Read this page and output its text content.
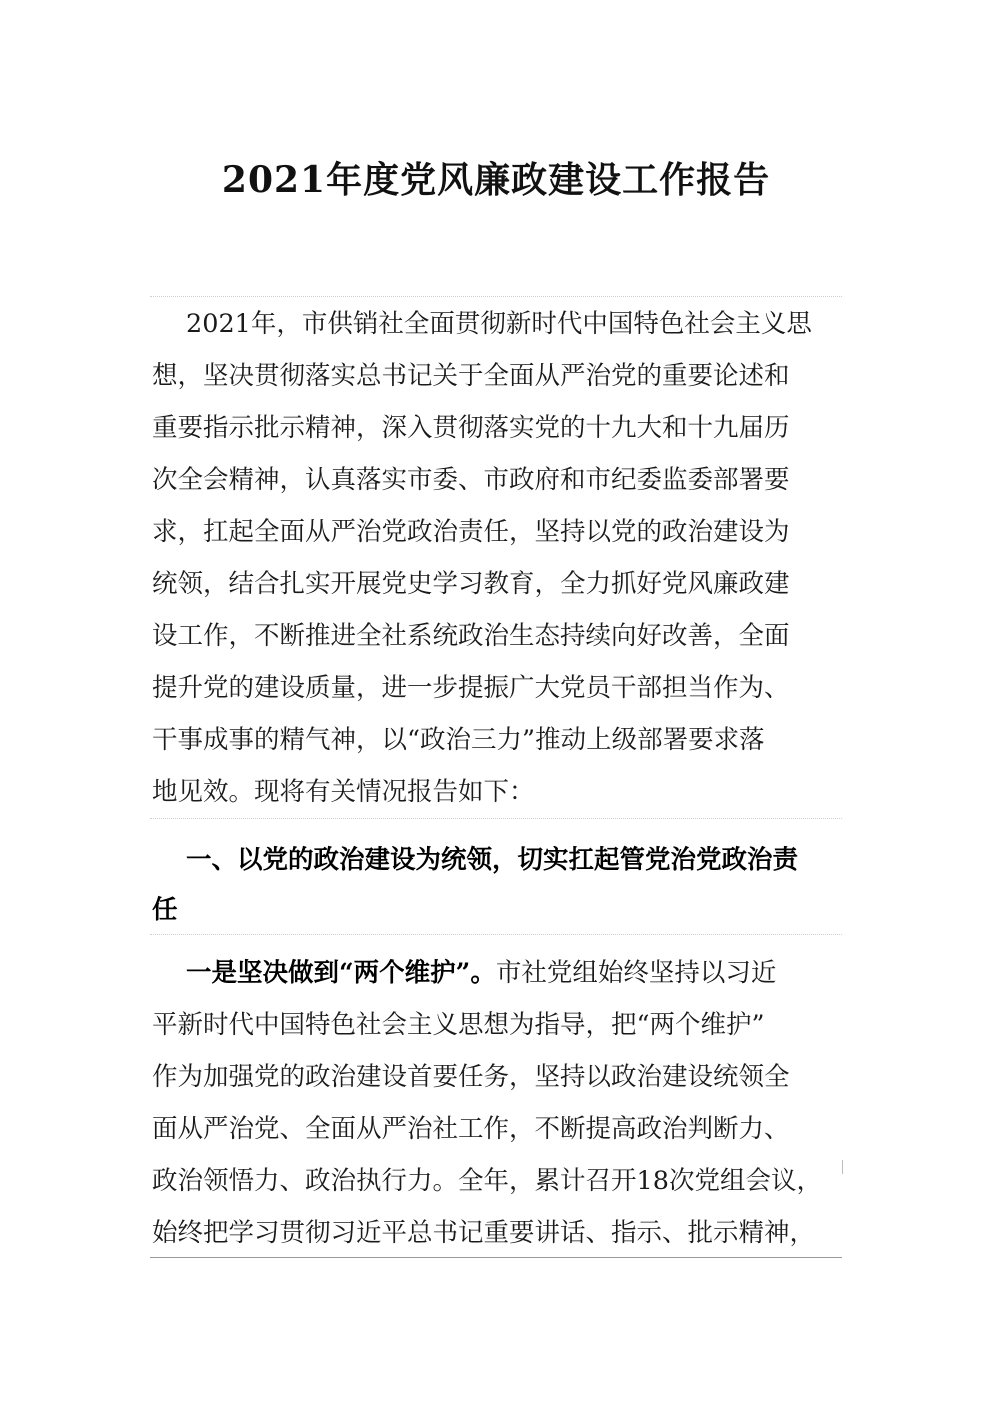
2021年度党风廉政建设工作报告
2021年，市供销社全面贯彻新时代中国特色社会主义思
想，坚决贯彻落实总书记关于全面从严治党的重要论述和
重要指示批示精神，深入贯彻落实党的十九大和十九届历
次全会精神，认真落实市委、市政府和市纪委监委部署要
求，扛起全面从严治党政治责任，坚持以党的政治建设为
统领，结合扎实开展党史学习教育，全力抓好党风廉政建
设工作，不断推进全社系统政治生态持续向好改善，全面
提升党的建设质量，进一步提振广大党员干部担当作为、
干事成事的精气神，以“政治三力”推动上级部署要求落
地见效。现将有关情况报告如下：
一、以党的政治建设为统领，切实扛起管党治党政治责
任
一是坚决做到“两个维护”。市社党组始终坚持以习近
平新时代中国特色社会主义思想为指导，把“两个维护”
作为加强党的政治建设首要任务，坚持以政治建设统领全
面从严治党、全面从严治社工作，不断提高政治判断力、
政治领悟力、政治执行力。全年，累计召开18次党组会议，
始终把学习贯彻习近平总书记重要讲话、指示、批示精神，
